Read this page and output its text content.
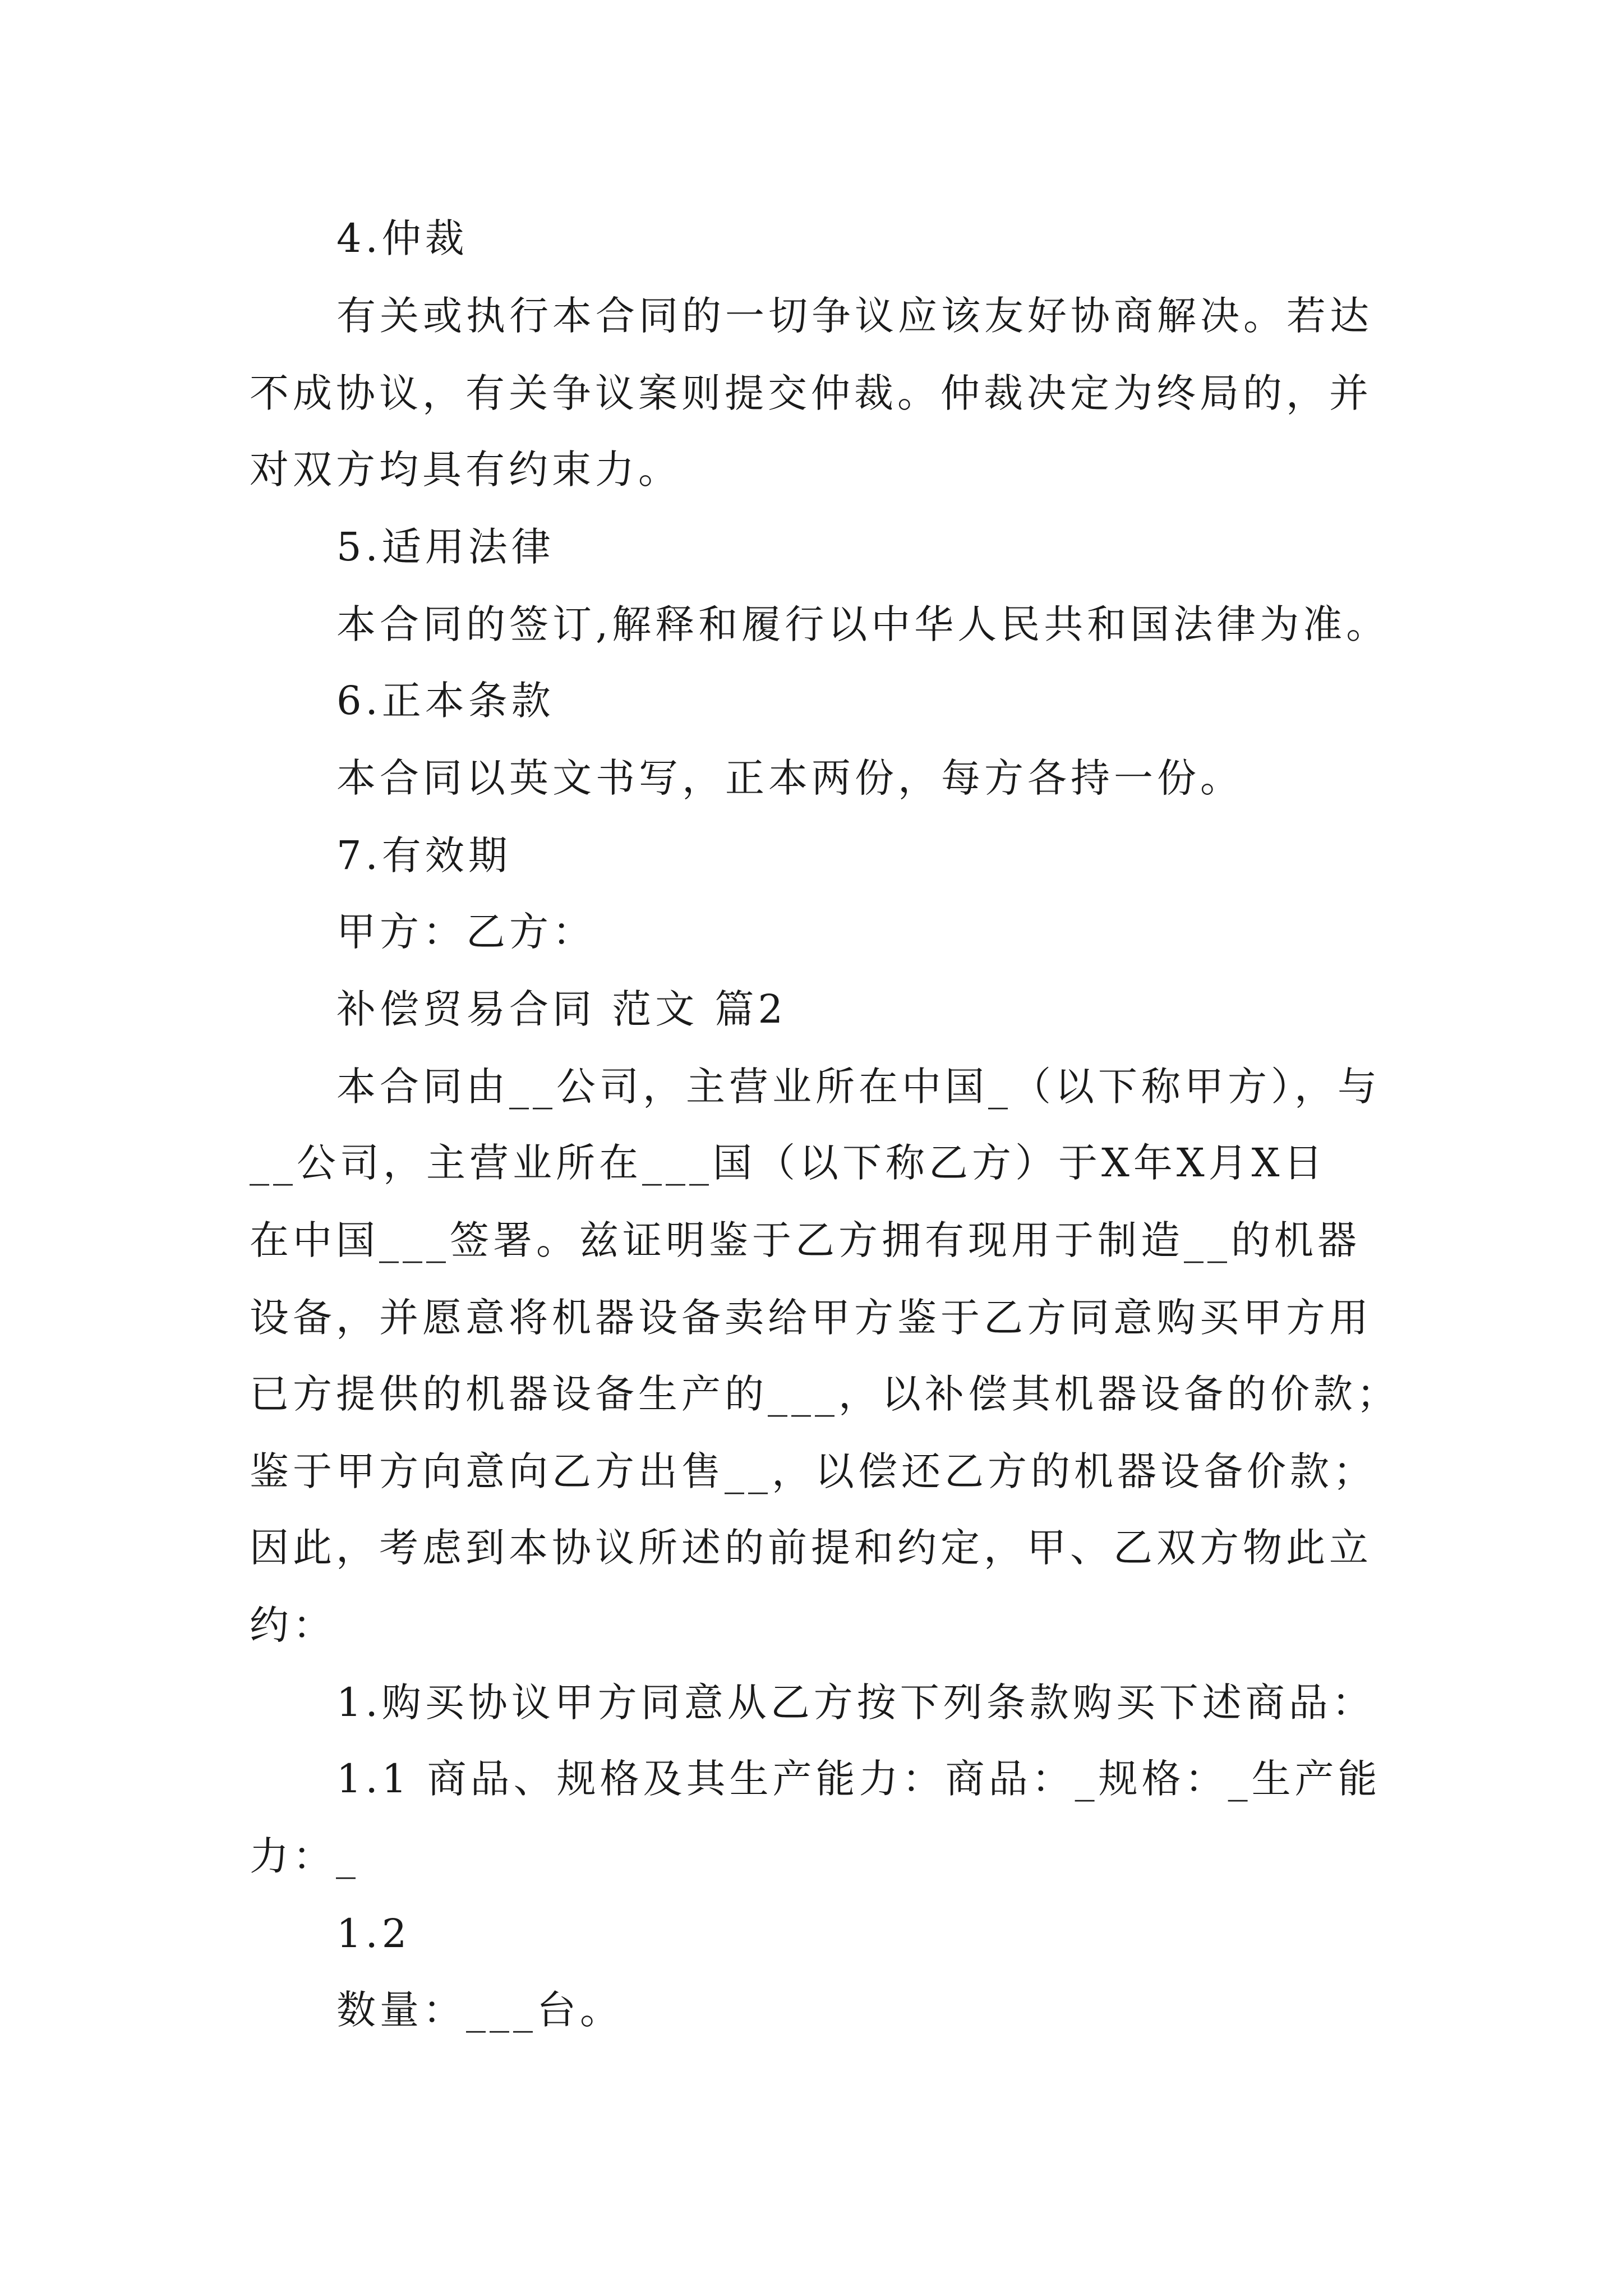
4.仲裁
有关或执行本合同的一切争议应该友好协商解决。若达
不成协议，有关争议案则提交仲裁。仲裁决定为终局的，并
对双方均具有约束力。
5.适用法律
本合同的签订,解释和履行以中华人民共和国法律为准。
6.正本条款
本合同以英文书写，正本两份，每方各持一份。
7.有效期
甲方：乙方：
补偿贸易合同 范文 篇2
本合同由__公司，主营业所在中国_（以下称甲方），与
__公司，主营业所在___国（以下称乙方）于X年X月X日
在中国___签署。兹证明鉴于乙方拥有现用于制造__的机器
设备，并愿意将机器设备卖给甲方鉴于乙方同意购买甲方用
已方提供的机器设备生产的___，以补偿其机器设备的价款；
鉴于甲方向意向乙方出售__，以偿还乙方的机器设备价款；
因此，考虑到本协议所述的前提和约定，甲、乙双方物此立
约：
1.购买协议甲方同意从乙方按下列条款购买下述商品：
1.1 商品、规格及其生产能力：商品：_规格：_生产能
力：_
1.2
数量：___台。
